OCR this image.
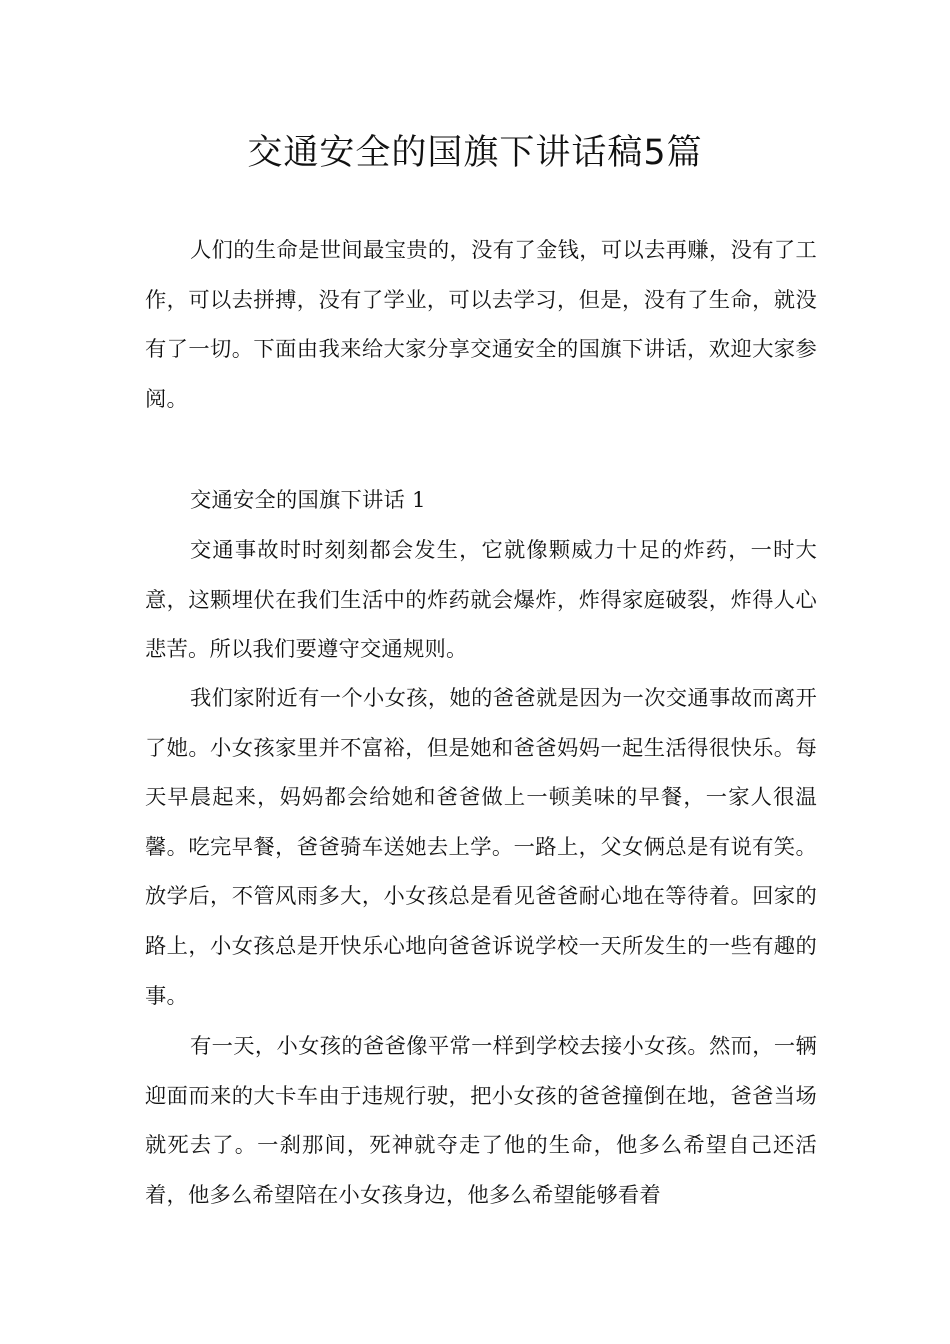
交通安全的国旗下讲话稿5篇

人们的生命是世间最宝贵的，没有了金钱，可以去再赚，没有了工作，可以去拼搏，没有了学业，可以去学习，但是，没有了生命，就没有了一切。下面由我来给大家分享交通安全的国旗下讲话，欢迎大家参阅。

交通安全的国旗下讲话 1

交通事故时时刻刻都会发生，它就像颗威力十足的炸药，一时大意，这颗埋伏在我们生活中的炸药就会爆炸，炸得家庭破裂，炸得人心悲苦。所以我们要遵守交通规则。

我们家附近有一个小女孩，她的爸爸就是因为一次交通事故而离开了她。小女孩家里并不富裕，但是她和爸爸妈妈一起生活得很快乐。每天早晨起来，妈妈都会给她和爸爸做上一顿美味的早餐，一家人很温馨。吃完早餐，爸爸骑车送她去上学。一路上，父女俩总是有说有笑。放学后，不管风雨多大，小女孩总是看见爸爸耐心地在等待着。回家的路上，小女孩总是开快乐心地向爸爸诉说学校一天所发生的一些有趣的事。

有一天，小女孩的爸爸像平常一样到学校去接小女孩。然而，一辆迎面而来的大卡车由于违规行驶，把小女孩的爸爸撞倒在地，爸爸当场就死去了。一刹那间，死神就夺走了他的生命，他多么希望自己还活着，他多么希望陪在小女孩身边，他多么希望能够看着
